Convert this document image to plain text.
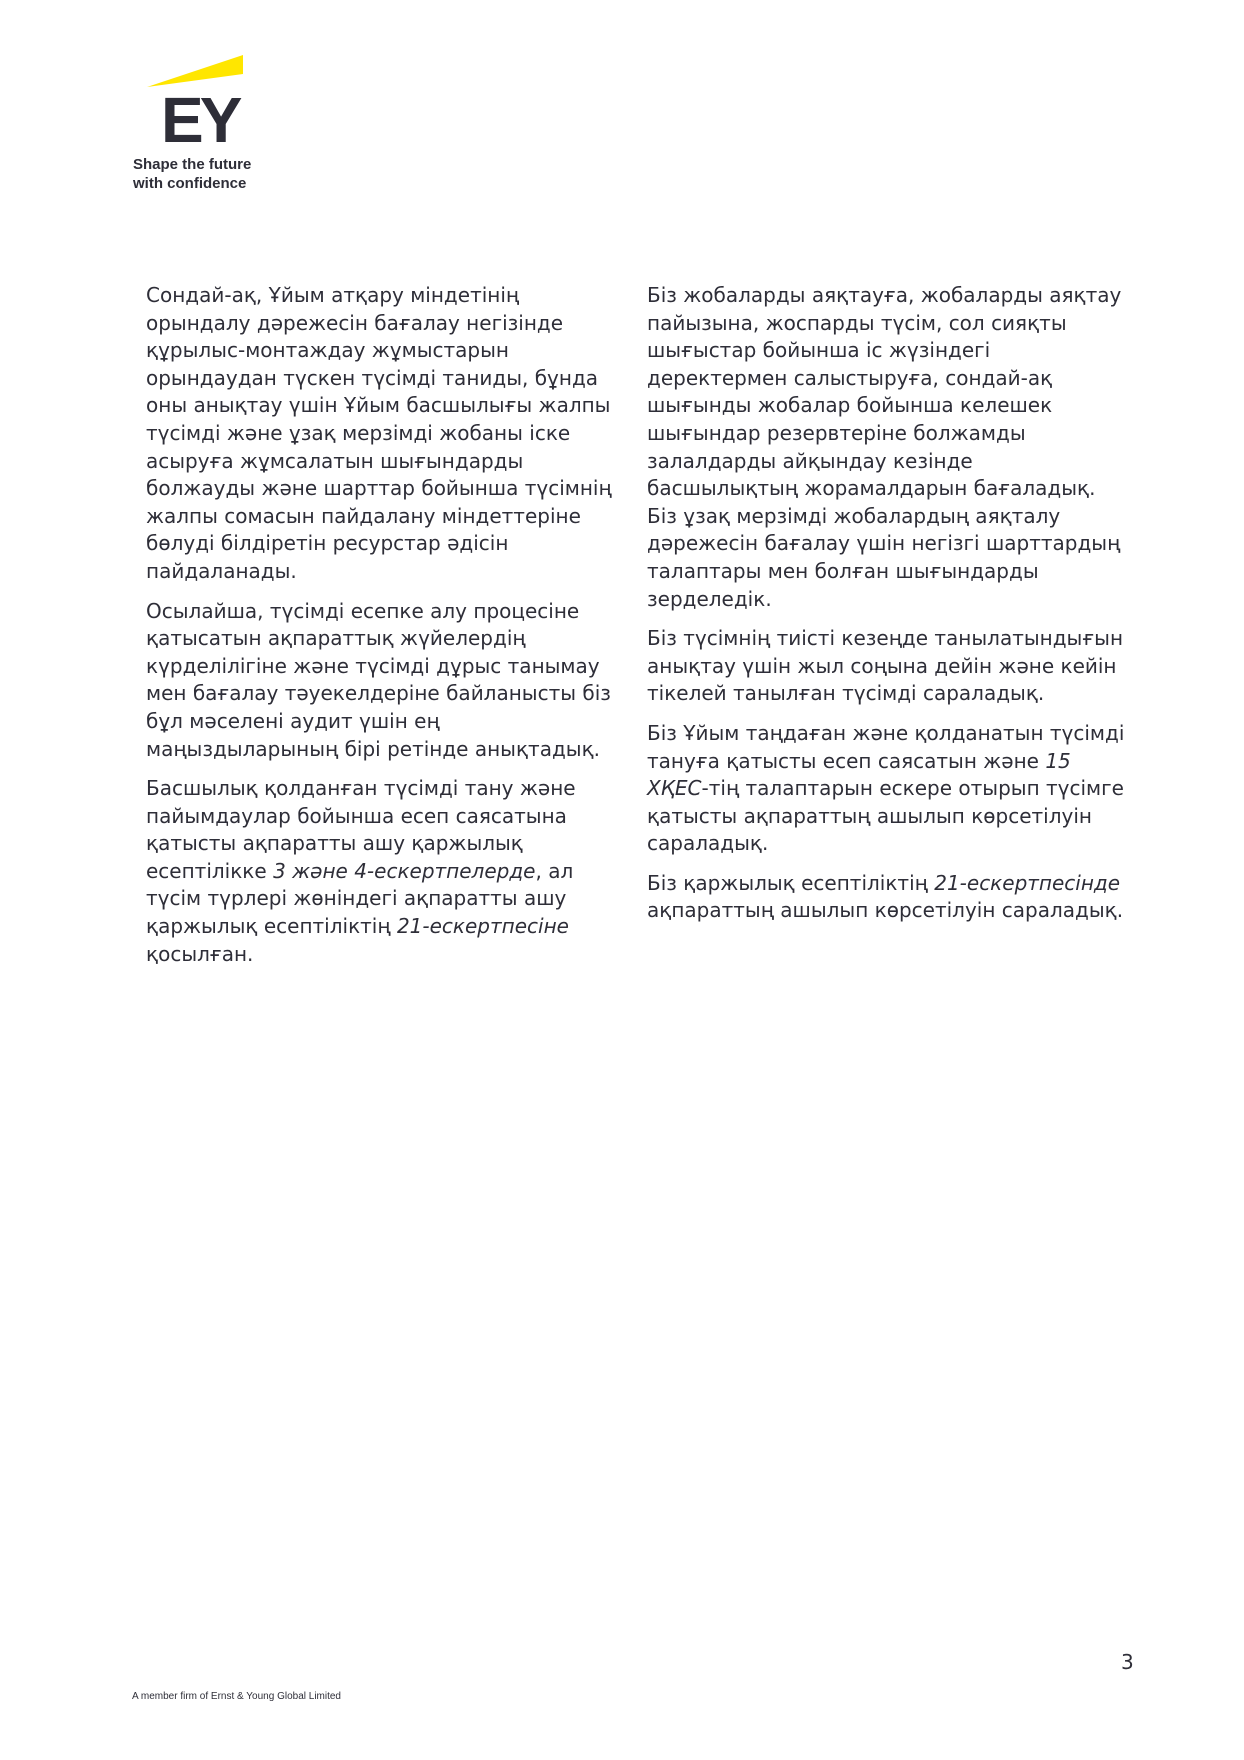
EY
Shape the future
with confidence

Сондай-ақ, Ұйым атқару міндетінің орындалу дәрежесін бағалау негізінде құрылыс-монтаждау жұмыстарын орындаудан түскен түсімді таниды, бұнда оны анықтау үшін Ұйым басшылығы жалпы түсімді және ұзақ мерзімді жобаны іске асыруға жұмсалатын шығындарды болжауды және шарттар бойынша түсімнің жалпы сомасын пайдалану міндеттеріне бөлуді білдіретін ресурстар әдісін пайдаланады.

Осылайша, түсімді есепке алу процесіне қатысатын ақпараттық жүйелердің күрделілігіне және түсімді дұрыс танымау мен бағалау тәуекелдеріне байланысты біз бұл мәселені аудит үшін ең маңыздыларының бірі ретінде анықтадық.

Басшылық қолданған түсімді тану және пайымдаулар бойынша есеп саясатына қатысты ақпаратты ашу қаржылық есептілікке 3 және 4-ескертпелерде, ал түсім түрлері жөніндегі ақпаратты ашу қаржылық есептіліктің 21-ескертпесіне қосылған.

Біз жобаларды аяқтауға, жобаларды аяқтау пайызына, жоспарды түсім, сол сияқты шығыстар бойынша іс жүзіндегі деректермен салыстыруға, сондай-ақ шығынды жобалар бойынша келешек шығындар резервтеріне болжамды залалдарды айқындау кезінде басшылықтың жорамалдарын бағаладық. Біз ұзақ мерзімді жобалардың аяқталу дәрежесін бағалау үшін негізгі шарттардың талаптары мен болған шығындарды зерделедік.

Біз түсімнің тиісті кезеңде танылатындығын анықтау үшін жыл соңына дейін және кейін тікелей танылған түсімді сараладық.

Біз Ұйым таңдаған және қолданатын түсімді тануға қатысты есеп саясатын және 15 ХҚЕС-тің талаптарын ескере отырып түсімге қатысты ақпараттың ашылып көрсетілуін сараладық.

Біз қаржылық есептіліктің 21-ескертпесінде ақпараттың ашылып көрсетілуін сараладық.

3
A member firm of Ernst & Young Global Limited
